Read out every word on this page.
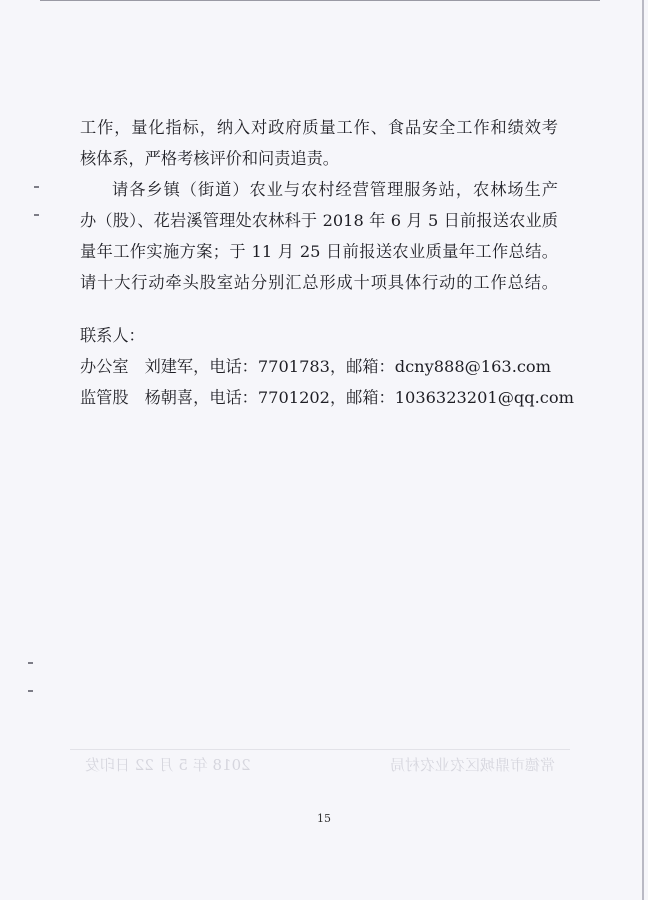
工作，量化指标，纳入对政府质量工作、食品安全工作和绩效考
核体系，严格考核评价和问责追责。
请各乡镇（街道）农业与农村经营管理服务站，农林场生产
办（股）、花岩溪管理处农林科于 2018 年 6 月 5 日前报送农业质
量年工作实施方案；于 11 月 25 日前报送农业质量年工作总结。
请十大行动牵头股室站分别汇总形成十项具体行动的工作总结。
联系人：
办公室 刘建军，电话：7701783，邮箱：dcny888@163.com
监管股 杨朝喜，电话：7701202，邮箱：1036323201@qq.com
常德市鼎城区农业农村局
2018 年 5 月 22 日印发
15
